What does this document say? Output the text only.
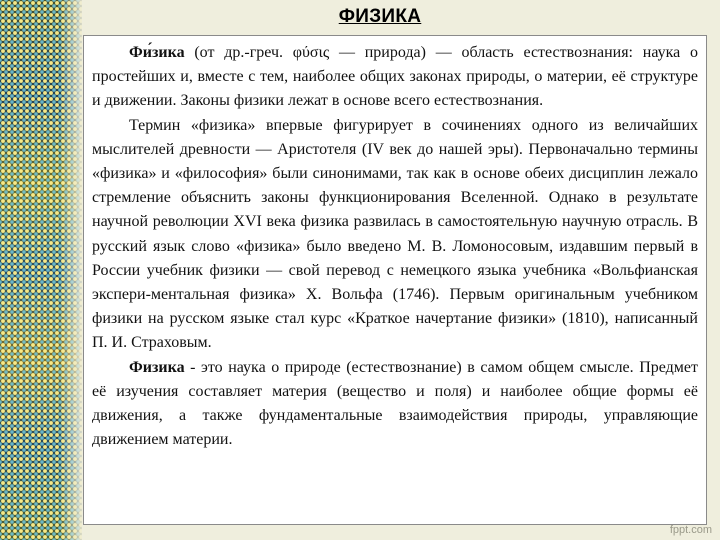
ФИЗИКА

Фи́зика (от др.-греч. φύσις — природа) — область естествознания: наука о простейших и, вместе с тем, наиболее общих законах природы, о материи, её структуре и движении. Законы физики лежат в основе всего естествознания.

Термин «физика» впервые фигурирует в сочинениях одного из величайших мыслителей древности — Аристотеля (IV век до нашей эры). Первоначально термины «физика» и «философия» были синонимами, так как в основе обеих дисциплин лежало стремление объяснить законы функционирования Вселенной. Однако в результате научной революции XVI века физика развилась в самостоятельную научную отрасль. В русский язык слово «физика» было введено М. В. Ломоносовым, издавшим первый в России учебник физики — свой перевод с немецкого языка учебника «Вольфианская экспери-ментальная физика» Х. Вольфа (1746). Первым оригинальным учебником физики на русском языке стал курс «Краткое начертание физики» (1810), написанный П. И. Страховым.

Физика - это наука о природе (естествознание) в самом общем смысле. Предмет её изучения составляет материя (вещество и поля) и наиболее общие формы её движения, а также фундаментальные взаимодействия природы, управляющие движением материи.

fppt.com
